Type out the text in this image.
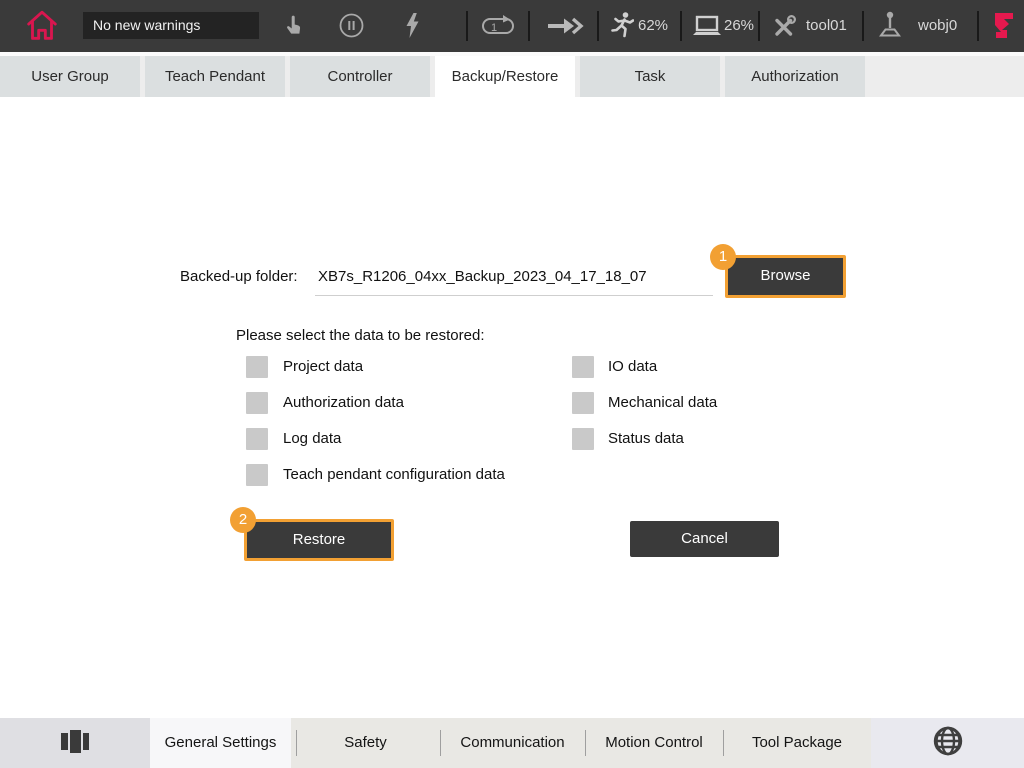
No new warnings	1	62%	26%	tool01	wobj0
User Group	Teach Pendant	Controller	Backup/Restore	Task	Authorization
Backed-up folder: XB7s_R1206_04xx_Backup_2023_04_17_18_07
1
Browse
Please select the data to be restored:
Project data
Authorization data
Log data
Teach pendant configuration data
IO data
Mechanical data
Status data
2
Restore	Cancel
General Settings	Safety	Communication	Motion Control	Tool Package
